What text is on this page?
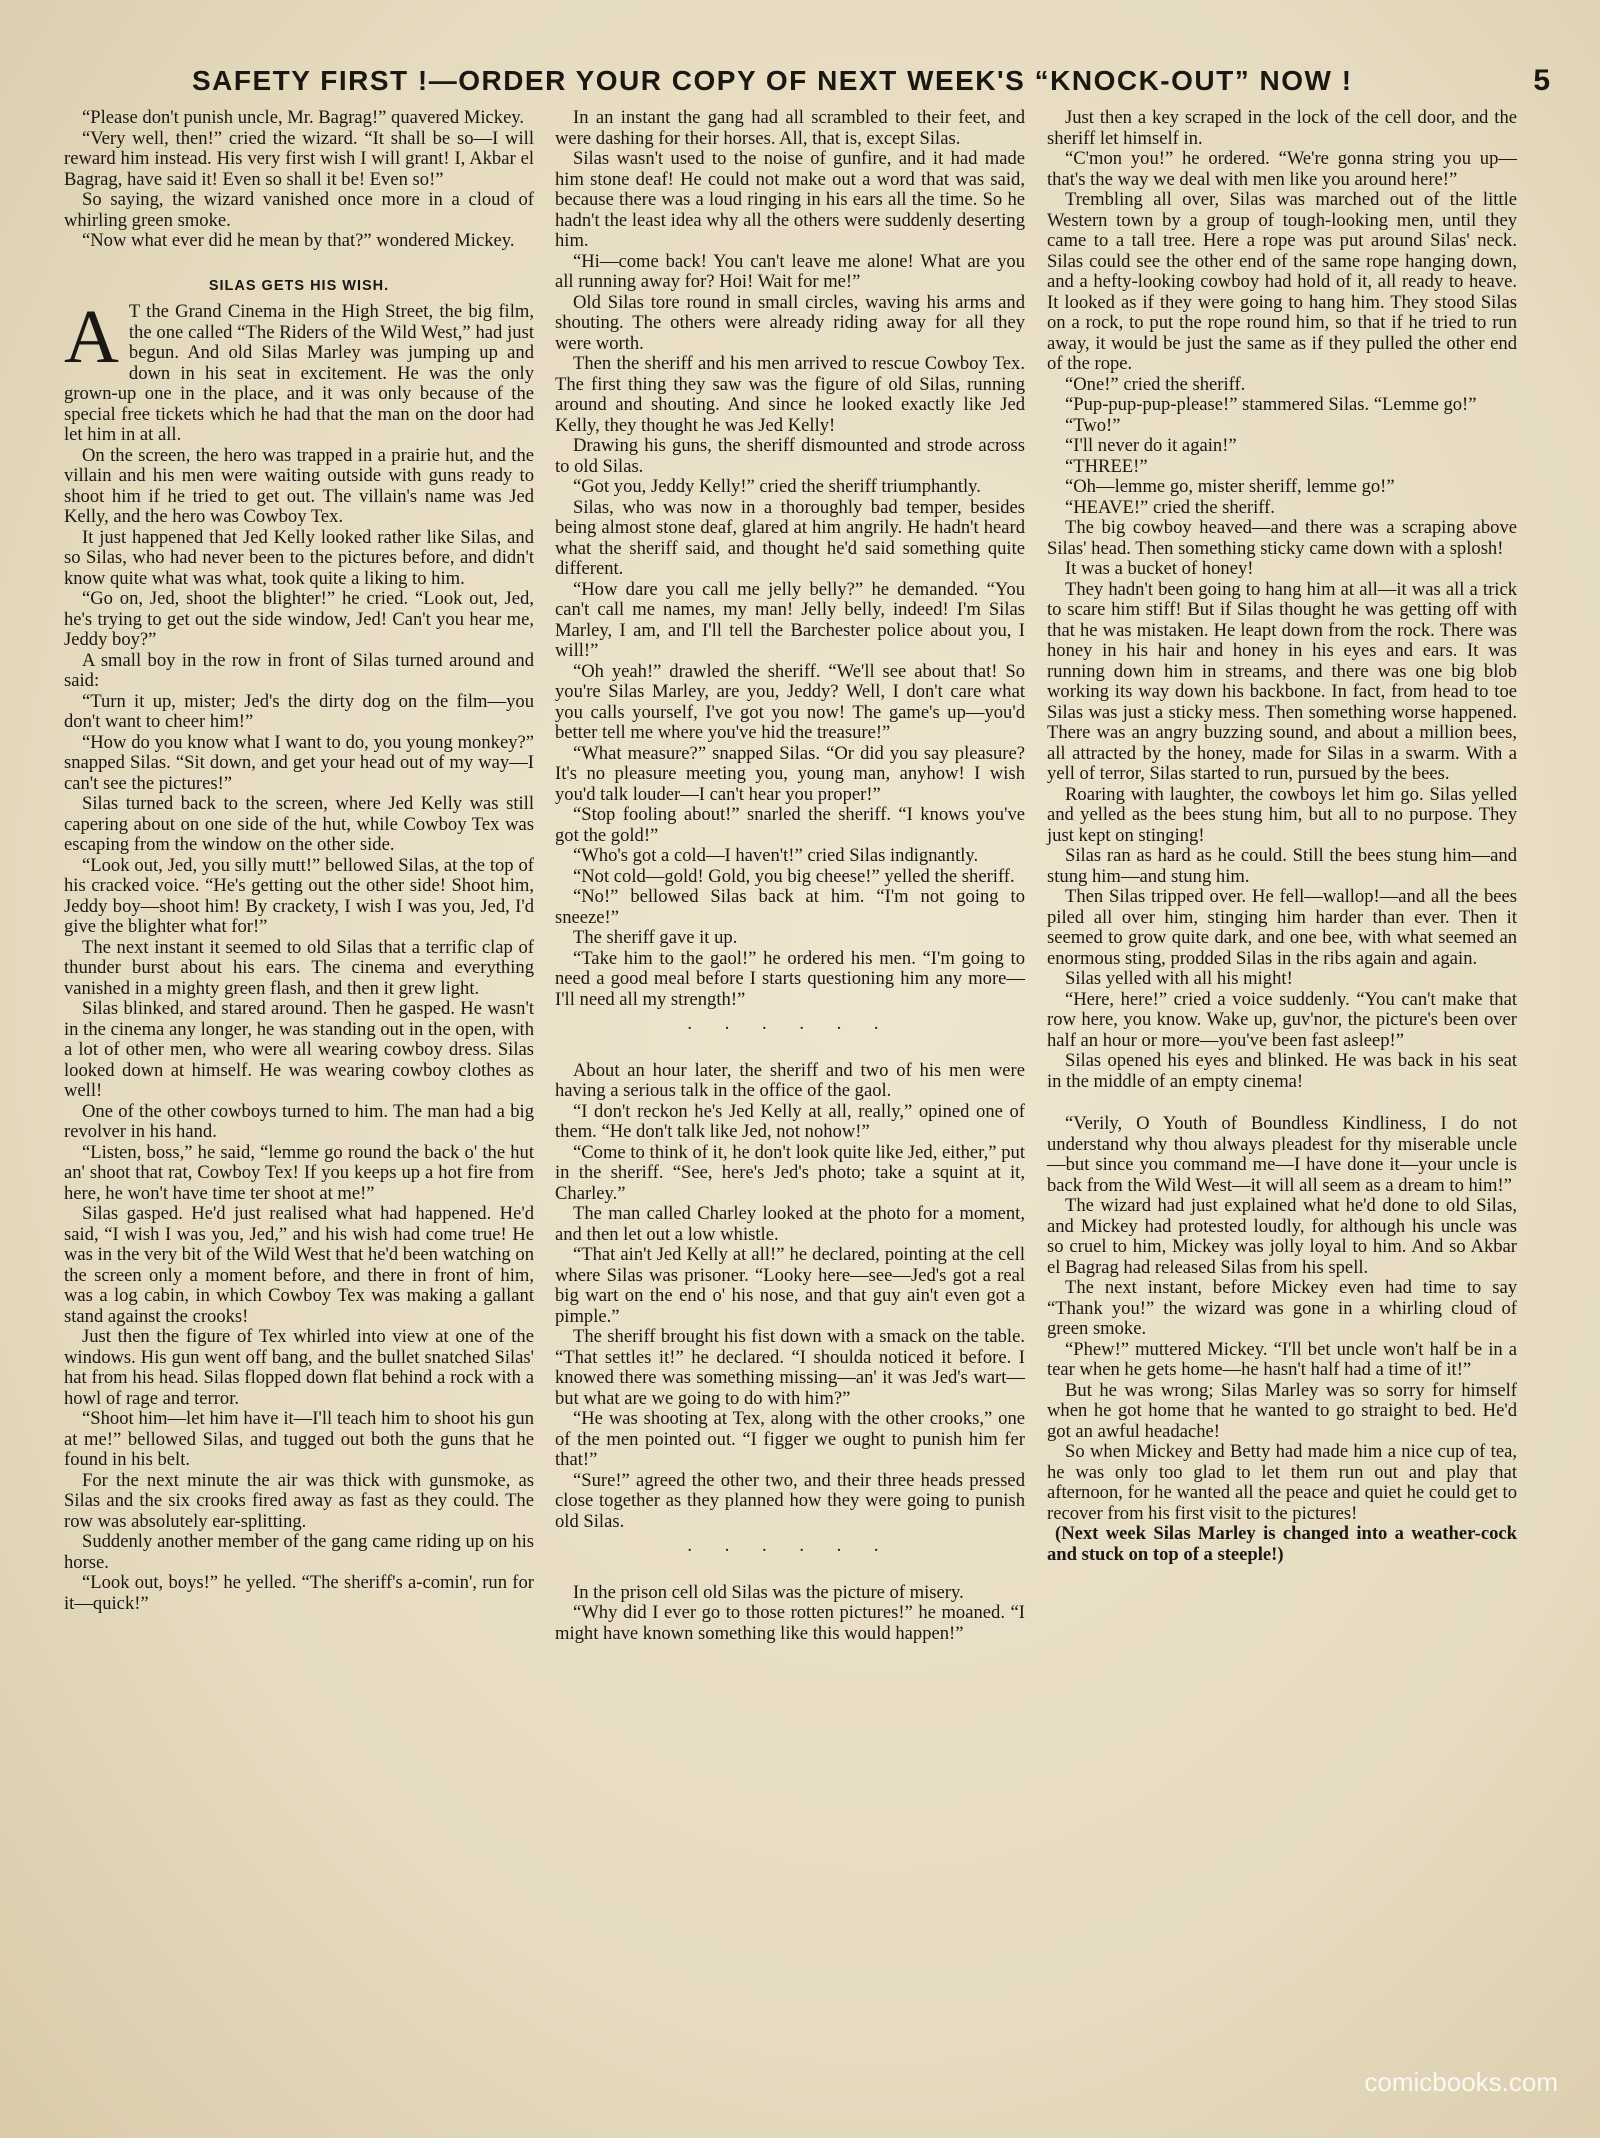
SAFETY FIRST !—ORDER YOUR COPY OF NEXT WEEK'S “KNOCK-OUT” NOW !	5

“Please don't punish uncle, Mr. Bagrag!” quavered Mickey.

“Very well, then!” cried the wizard. “It shall be so—I will reward him instead. His very first wish I will grant! I, Akbar el Bagrag, have said it! Even so shall it be! Even so!”

So saying, the wizard vanished once more in a cloud of whirling green smoke.

“Now what ever did he mean by that?” wondered Mickey.

SILAS GETS HIS WISH.

A T the Grand Cinema in the High Street, the big film, the one called “The Riders of the Wild West,” had just begun. And old Silas Marley was jumping up and down in his seat in excitement. He was the only grown-up one in the place, and it was only because of the special free tickets which he had that the man on the door had let him in at all.

On the screen, the hero was trapped in a prairie hut, and the villain and his men were waiting outside with guns ready to shoot him if he tried to get out. The villain's name was Jed Kelly, and the hero was Cowboy Tex.

It just happened that Jed Kelly looked rather like Silas, and so Silas, who had never been to the pictures before, and didn't know quite what was what, took quite a liking to him.

“Go on, Jed, shoot the blighter!” he cried. “Look out, Jed, he's trying to get out the side window, Jed! Can't you hear me, Jeddy boy?”

A small boy in the row in front of Silas turned around and said:

“Turn it up, mister; Jed's the dirty dog on the film—you don't want to cheer him!”

“How do you know what I want to do, you young monkey?” snapped Silas. “Sit down, and get your head out of my way—I can't see the pictures!”

Silas turned back to the screen, where Jed Kelly was still capering about on one side of the hut, while Cowboy Tex was escaping from the window on the other side.

“Look out, Jed, you silly mutt!” bellowed Silas, at the top of his cracked voice. “He's getting out the other side! Shoot him, Jeddy boy—shoot him! By crackety, I wish I was you, Jed, I'd give the blighter what for!”

The next instant it seemed to old Silas that a terrific clap of thunder burst about his ears. The cinema and everything vanished in a mighty green flash, and then it grew light.

Silas blinked, and stared around. Then he gasped. He wasn't in the cinema any longer, he was standing out in the open, with a lot of other men, who were all wearing cowboy dress. Silas looked down at himself. He was wearing cowboy clothes as well!

One of the other cowboys turned to him. The man had a big revolver in his hand.

“Listen, boss,” he said, “lemme go round the back o' the hut an' shoot that rat, Cowboy Tex! If you keeps up a hot fire from here, he won't have time ter shoot at me!”

Silas gasped. He'd just realised what had happened. He'd said, “I wish I was you, Jed,” and his wish had come true! He was in the very bit of the Wild West that he'd been watching on the screen only a moment before, and there in front of him, was a log cabin, in which Cowboy Tex was making a gallant stand against the crooks!

Just then the figure of Tex whirled into view at one of the windows. His gun went off bang, and the bullet snatched Silas' hat from his head. Silas flopped down flat behind a rock with a howl of rage and terror.

“Shoot him—let him have it—I'll teach him to shoot his gun at me!” bellowed Silas, and tugged out both the guns that he found in his belt.

For the next minute the air was thick with gunsmoke, as Silas and the six crooks fired away as fast as they could. The row was absolutely ear-splitting.

Suddenly another member of the gang came riding up on his horse.

“Look out, boys!” he yelled. “The sheriff's a-comin', run for it—quick!”

In an instant the gang had all scrambled to their feet, and were dashing for their horses. All, that is, except Silas.

Silas wasn't used to the noise of gunfire, and it had made him stone deaf! He could not make out a word that was said, because there was a loud ringing in his ears all the time. So he hadn't the least idea why all the others were suddenly deserting him.

“Hi—come back! You can't leave me alone! What are you all running away for? Hoi! Wait for me!”

Old Silas tore round in small circles, waving his arms and shouting. The others were already riding away for all they were worth.

Then the sheriff and his men arrived to rescue Cowboy Tex. The first thing they saw was the figure of old Silas, running around and shouting. And since he looked exactly like Jed Kelly, they thought he was Jed Kelly!

Drawing his guns, the sheriff dismounted and strode across to old Silas.

“Got you, Jeddy Kelly!” cried the sheriff triumphantly.

Silas, who was now in a thoroughly bad temper, besides being almost stone deaf, glared at him angrily. He hadn't heard what the sheriff said, and thought he'd said something quite different.

“How dare you call me jelly belly?” he demanded. “You can't call me names, my man! Jelly belly, indeed! I'm Silas Marley, I am, and I'll tell the Barchester police about you, I will!”

“Oh yeah!” drawled the sheriff. “We'll see about that! So you're Silas Marley, are you, Jeddy? Well, I don't care what you calls yourself, I've got you now! The game's up—you'd better tell me where you've hid the treasure!”

“What measure?” snapped Silas. “Or did you say pleasure? It's no pleasure meeting you, young man, anyhow! I wish you'd talk louder—I can't hear you proper!”

“Stop fooling about!” snarled the sheriff. “I knows you've got the gold!”

“Who's got a cold—I haven't!” cried Silas indignantly.

“Not cold—gold! Gold, you big cheese!” yelled the sheriff.

“No!” bellowed Silas back at him. “I'm not going to sneeze!”

The sheriff gave it up.

“Take him to the gaol!” he ordered his men. “I'm going to need a good meal before I starts questioning him any more—I'll need all my strength!”

. . . . . .

About an hour later, the sheriff and two of his men were having a serious talk in the office of the gaol.

“I don't reckon he's Jed Kelly at all, really,” opined one of them. “He don't talk like Jed, not nohow!”

“Come to think of it, he don't look quite like Jed, either,” put in the sheriff. “See, here's Jed's photo; take a squint at it, Charley.”

The man called Charley looked at the photo for a moment, and then let out a low whistle.

“That ain't Jed Kelly at all!” he declared, pointing at the cell where Silas was prisoner. “Looky here—see—Jed's got a real big wart on the end o' his nose, and that guy ain't even got a pimple.”

The sheriff brought his fist down with a smack on the table. “That settles it!” he declared. “I shoulda noticed it before. I knowed there was something missing—an' it was Jed's wart—but what are we going to do with him?”

“He was shooting at Tex, along with the other crooks,” one of the men pointed out. “I figger we ought to punish him fer that!”

“Sure!” agreed the other two, and their three heads pressed close together as they planned how they were going to punish old Silas.

. . . . . .

In the prison cell old Silas was the picture of misery.

“Why did I ever go to those rotten pictures!” he moaned. “I might have known something like this would happen!”

Just then a key scraped in the lock of the cell door, and the sheriff let himself in.

“C'mon you!” he ordered. “We're gonna string you up—that's the way we deal with men like you around here!”

Trembling all over, Silas was marched out of the little Western town by a group of tough-looking men, until they came to a tall tree. Here a rope was put around Silas' neck. Silas could see the other end of the same rope hanging down, and a hefty-looking cowboy had hold of it, all ready to heave. It looked as if they were going to hang him. They stood Silas on a rock, to put the rope round him, so that if he tried to run away, it would be just the same as if they pulled the other end of the rope.

“One!” cried the sheriff.

“Pup-pup-pup-please!” stammered Silas. “Lemme go!”

“Two!”

“I'll never do it again!”

“THREE!”

“Oh—lemme go, mister sheriff, lemme go!”

“HEAVE!” cried the sheriff.

The big cowboy heaved—and there was a scraping above Silas' head. Then something sticky came down with a splosh!

It was a bucket of honey!

They hadn't been going to hang him at all—it was all a trick to scare him stiff! But if Silas thought he was getting off with that he was mistaken. He leapt down from the rock. There was honey in his hair and honey in his eyes and ears. It was running down him in streams, and there was one big blob working its way down his backbone. In fact, from head to toe Silas was just a sticky mess. Then something worse happened. There was an angry buzzing sound, and about a million bees, all attracted by the honey, made for Silas in a swarm. With a yell of terror, Silas started to run, pursued by the bees.

Roaring with laughter, the cowboys let him go. Silas yelled and yelled as the bees stung him, but all to no purpose. They just kept on stinging!

Silas ran as hard as he could. Still the bees stung him—and stung him—and stung him.

Then Silas tripped over. He fell—wallop!—and all the bees piled all over him, stinging him harder than ever. Then it seemed to grow quite dark, and one bee, with what seemed an enormous sting, prodded Silas in the ribs again and again.

Silas yelled with all his might!

“Here, here!” cried a voice suddenly. “You can't make that row here, you know. Wake up, guv'nor, the picture's been over half an hour or more—you've been fast asleep!”

Silas opened his eyes and blinked. He was back in his seat in the middle of an empty cinema!

“Verily, O Youth of Boundless Kindliness, I do not understand why thou always pleadest for thy miserable uncle—but since you command me—I have done it—your uncle is back from the Wild West—it will all seem as a dream to him!”

The wizard had just explained what he'd done to old Silas, and Mickey had protested loudly, for although his uncle was so cruel to him, Mickey was jolly loyal to him. And so Akbar el Bagrag had released Silas from his spell.

The next instant, before Mickey even had time to say “Thank you!” the wizard was gone in a whirling cloud of green smoke.

“Phew!” muttered Mickey. “I'll bet uncle won't half be in a tear when he gets home—he hasn't half had a time of it!”

But he was wrong; Silas Marley was so sorry for himself when he got home that he wanted to go straight to bed. He'd got an awful headache!

So when Mickey and Betty had made him a nice cup of tea, he was only too glad to let them run out and play that afternoon, for he wanted all the peace and quiet he could get to recover from his first visit to the pictures!

(Next week Silas Marley is changed into a weather-cock and stuck on top of a steeple!)

comicbooks.com
